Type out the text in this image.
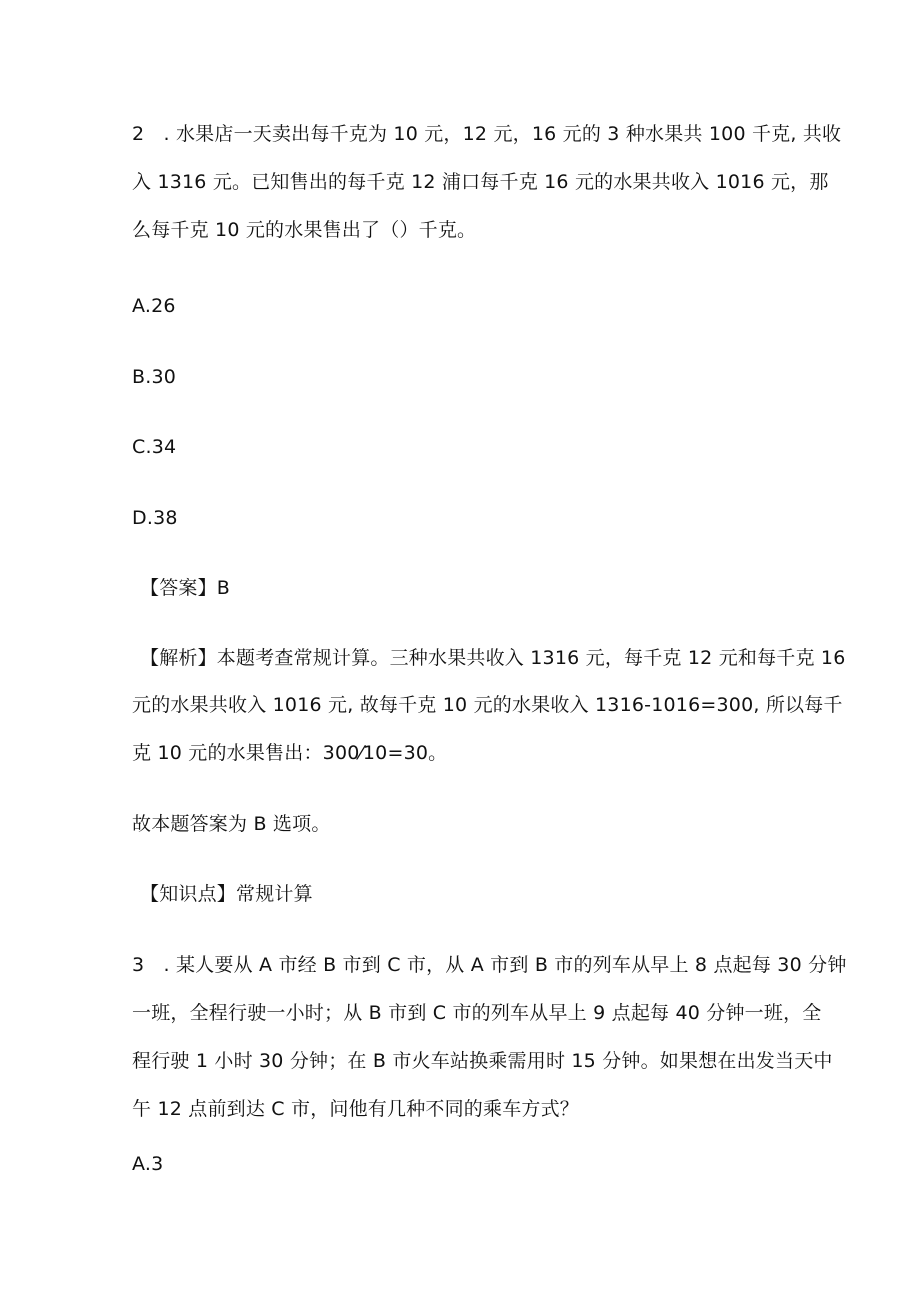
2　. 水果店一天卖出每千克为 10 元，12 元，16 元的 3 种水果共 100 千克, 共收
入 1316 元。已知售出的每千克 12 浦口每千克 16 元的水果共收入 1016 元，那
么每千克 10 元的水果售出了（）千克。
A.26
B.30
C.34
D.38
【答案】B
【解析】本题考查常规计算。三种水果共收入 1316 元，每千克 12 元和每千克 16
元的水果共收入 1016 元, 故每千克 10 元的水果收入 1316-1016=300, 所以每千
克 10 元的水果售出：300⁄10=30。
故本题答案为 B 选项。
【知识点】常规计算
3　. 某人要从 A 市经 B 市到 C 市，从 A 市到 B 市的列车从早上 8 点起每 30 分钟
一班，全程行驶一小时；从 B 市到 C 市的列车从早上 9 点起每 40 分钟一班，全
程行驶 1 小时 30 分钟；在 B 市火车站换乘需用时 15 分钟。如果想在出发当天中
午 12 点前到达 C 市，问他有几种不同的乘车方式？
A.3
